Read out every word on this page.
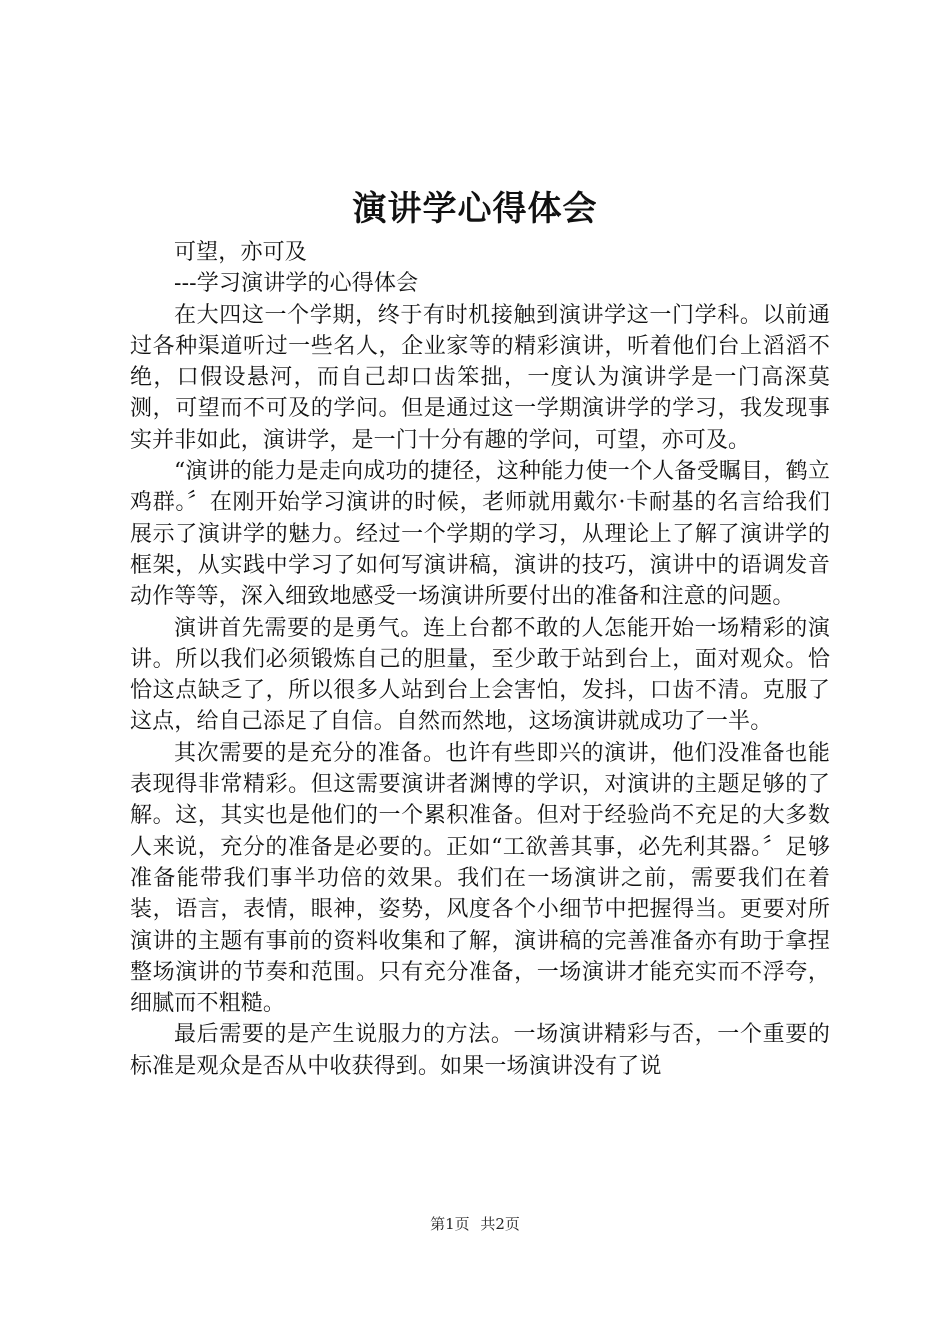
演讲学心得体会

可望，亦可及

---学习演讲学的心得体会

在大四这一个学期，终于有时机接触到演讲学这一门学科。以前通过各种渠道听过一些名人，企业家等的精彩演讲，听着他们台上滔滔不绝，口假设悬河，而自己却口齿笨拙，一度认为演讲学是一门高深莫测，可望而不可及的学问。但是通过这一学期演讲学的学习，我发现事实并非如此，演讲学，是一门十分有趣的学问，可望，亦可及。

“演讲的能力是走向成功的捷径，这种能力使一个人备受瞩目，鹤立鸡群。〞在刚开始学习演讲的时候，老师就用戴尔·卡耐基的名言给我们展示了演讲学的魅力。经过一个学期的学习，从理论上了解了演讲学的框架，从实践中学习了如何写演讲稿，演讲的技巧，演讲中的语调发音动作等等，深入细致地感受一场演讲所要付出的准备和注意的问题。

演讲首先需要的是勇气。连上台都不敢的人怎能开始一场精彩的演讲。所以我们必须锻炼自己的胆量，至少敢于站到台上，面对观众。恰恰这点缺乏了，所以很多人站到台上会害怕，发抖，口齿不清。克服了这点，给自己添足了自信。自然而然地，这场演讲就成功了一半。

其次需要的是充分的准备。也许有些即兴的演讲，他们没准备也能表现得非常精彩。但这需要演讲者渊博的学识，对演讲的主题足够的了解。这，其实也是他们的一个累积准备。但对于经验尚不充足的大多数人来说，充分的准备是必要的。正如“工欲善其事，必先利其器。〞足够准备能带我们事半功倍的效果。我们在一场演讲之前，需要我们在着装，语言，表情，眼神，姿势，风度各个小细节中把握得当。更要对所演讲的主题有事前的资料收集和了解，演讲稿的完善准备亦有助于拿捏整场演讲的节奏和范围。只有充分准备，一场演讲才能充实而不浮夸，细腻而不粗糙。

最后需要的是产生说服力的方法。一场演讲精彩与否，一个重要的标准是观众是否从中收获得到。如果一场演讲没有了说

第1页 共2页
